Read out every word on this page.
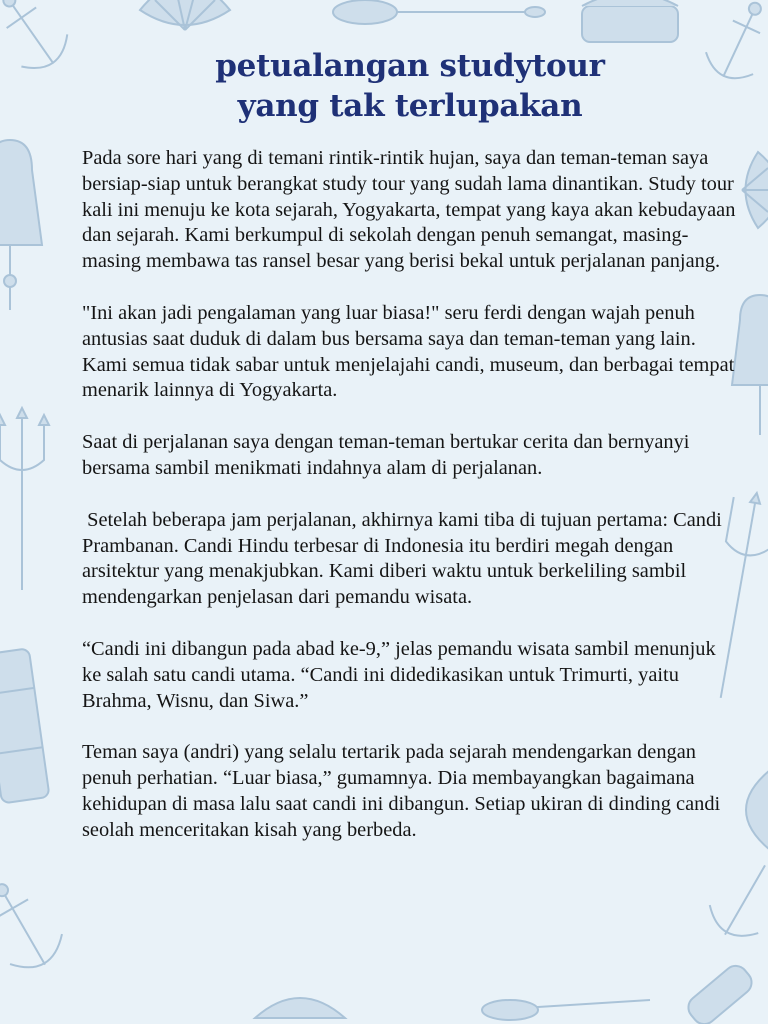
petualangan studytour
yang tak terlupakan

Pada sore hari yang di temani rintik-rintik hujan, saya dan teman-teman saya bersiap-siap untuk berangkat study tour yang sudah lama dinantikan. Study tour kali ini menuju ke kota sejarah, Yogyakarta, tempat yang kaya akan kebudayaan dan sejarah. Kami berkumpul di sekolah dengan penuh semangat, masing-masing membawa tas ransel besar yang berisi bekal untuk perjalanan panjang.

"Ini akan jadi pengalaman yang luar biasa!" seru ferdi dengan wajah penuh antusias saat duduk di dalam bus bersama saya dan teman-teman yang lain. Kami semua tidak sabar untuk menjelajahi candi, museum, dan berbagai tempat menarik lainnya di Yogyakarta.

Saat di perjalanan saya dengan teman-teman bertukar cerita dan bernyanyi bersama sambil menikmati indahnya alam di perjalanan.

Setelah beberapa jam perjalanan, akhirnya kami tiba di tujuan pertama: Candi Prambanan. Candi Hindu terbesar di Indonesia itu berdiri megah dengan arsitektur yang menakjubkan. Kami diberi waktu untuk berkeliling sambil mendengarkan penjelasan dari pemandu wisata.

“Candi ini dibangun pada abad ke-9,” jelas pemandu wisata sambil menunjuk ke salah satu candi utama. “Candi ini didedikasikan untuk Trimurti, yaitu Brahma, Wisnu, dan Siwa.”

Teman saya (andri) yang selalu tertarik pada sejarah mendengarkan dengan penuh perhatian. “Luar biasa,” gumamnya. Dia membayangkan bagaimana kehidupan di masa lalu saat candi ini dibangun. Setiap ukiran di dinding candi seolah menceritakan kisah yang berbeda.
